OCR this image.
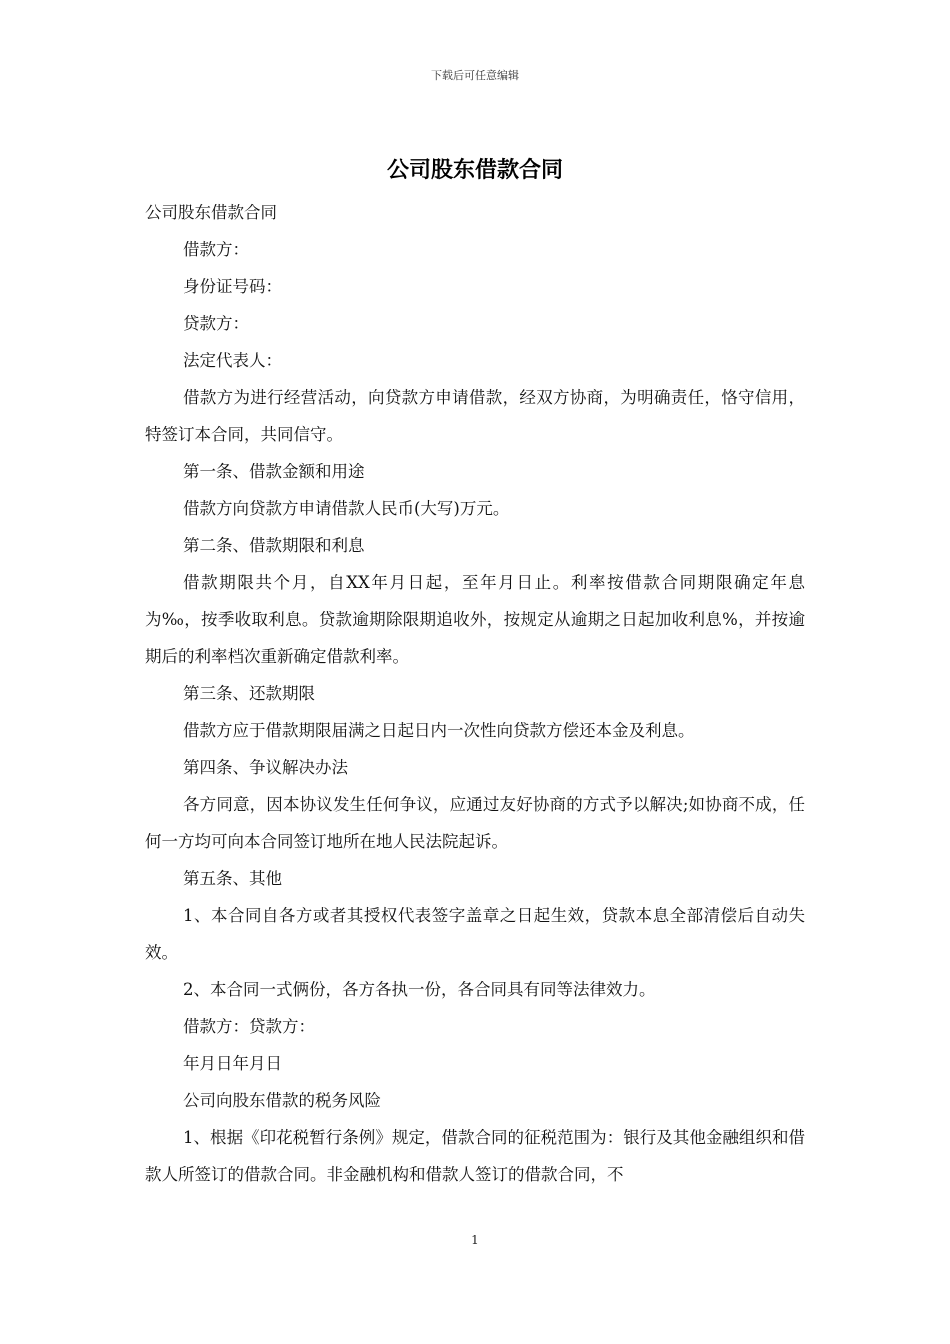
下载后可任意编辑
公司股东借款合同

公司股东借款合同

借款方：

身份证号码：

贷款方：

法定代表人：

借款方为进行经营活动，向贷款方申请借款，经双方协商，为明确责任，恪守信用，特签订本合同，共同信守。

第一条、借款金额和用途

借款方向贷款方申请借款人民币(大写)万元。

第二条、借款期限和利息

借款期限共个月，自XX年月日起，至年月日止。利率按借款合同期限确定年息为‰，按季收取利息。贷款逾期除限期追收外，按规定从逾期之日起加收利息%，并按逾期后的利率档次重新确定借款利率。

第三条、还款期限

借款方应于借款期限届满之日起日内一次性向贷款方偿还本金及利息。

第四条、争议解决办法

各方同意，因本协议发生任何争议，应通过友好协商的方式予以解决;如协商不成，任何一方均可向本合同签订地所在地人民法院起诉。

第五条、其他

1、本合同自各方或者其授权代表签字盖章之日起生效，贷款本息全部清偿后自动失效。

2、本合同一式俩份，各方各执一份，各合同具有同等法律效力。

借款方：贷款方：

年月日年月日

公司向股东借款的税务风险

1、根据《印花税暂行条例》规定，借款合同的征税范围为：银行及其他金融组织和借款人所签订的借款合同。非金融机构和借款人签订的借款合同，不

1
